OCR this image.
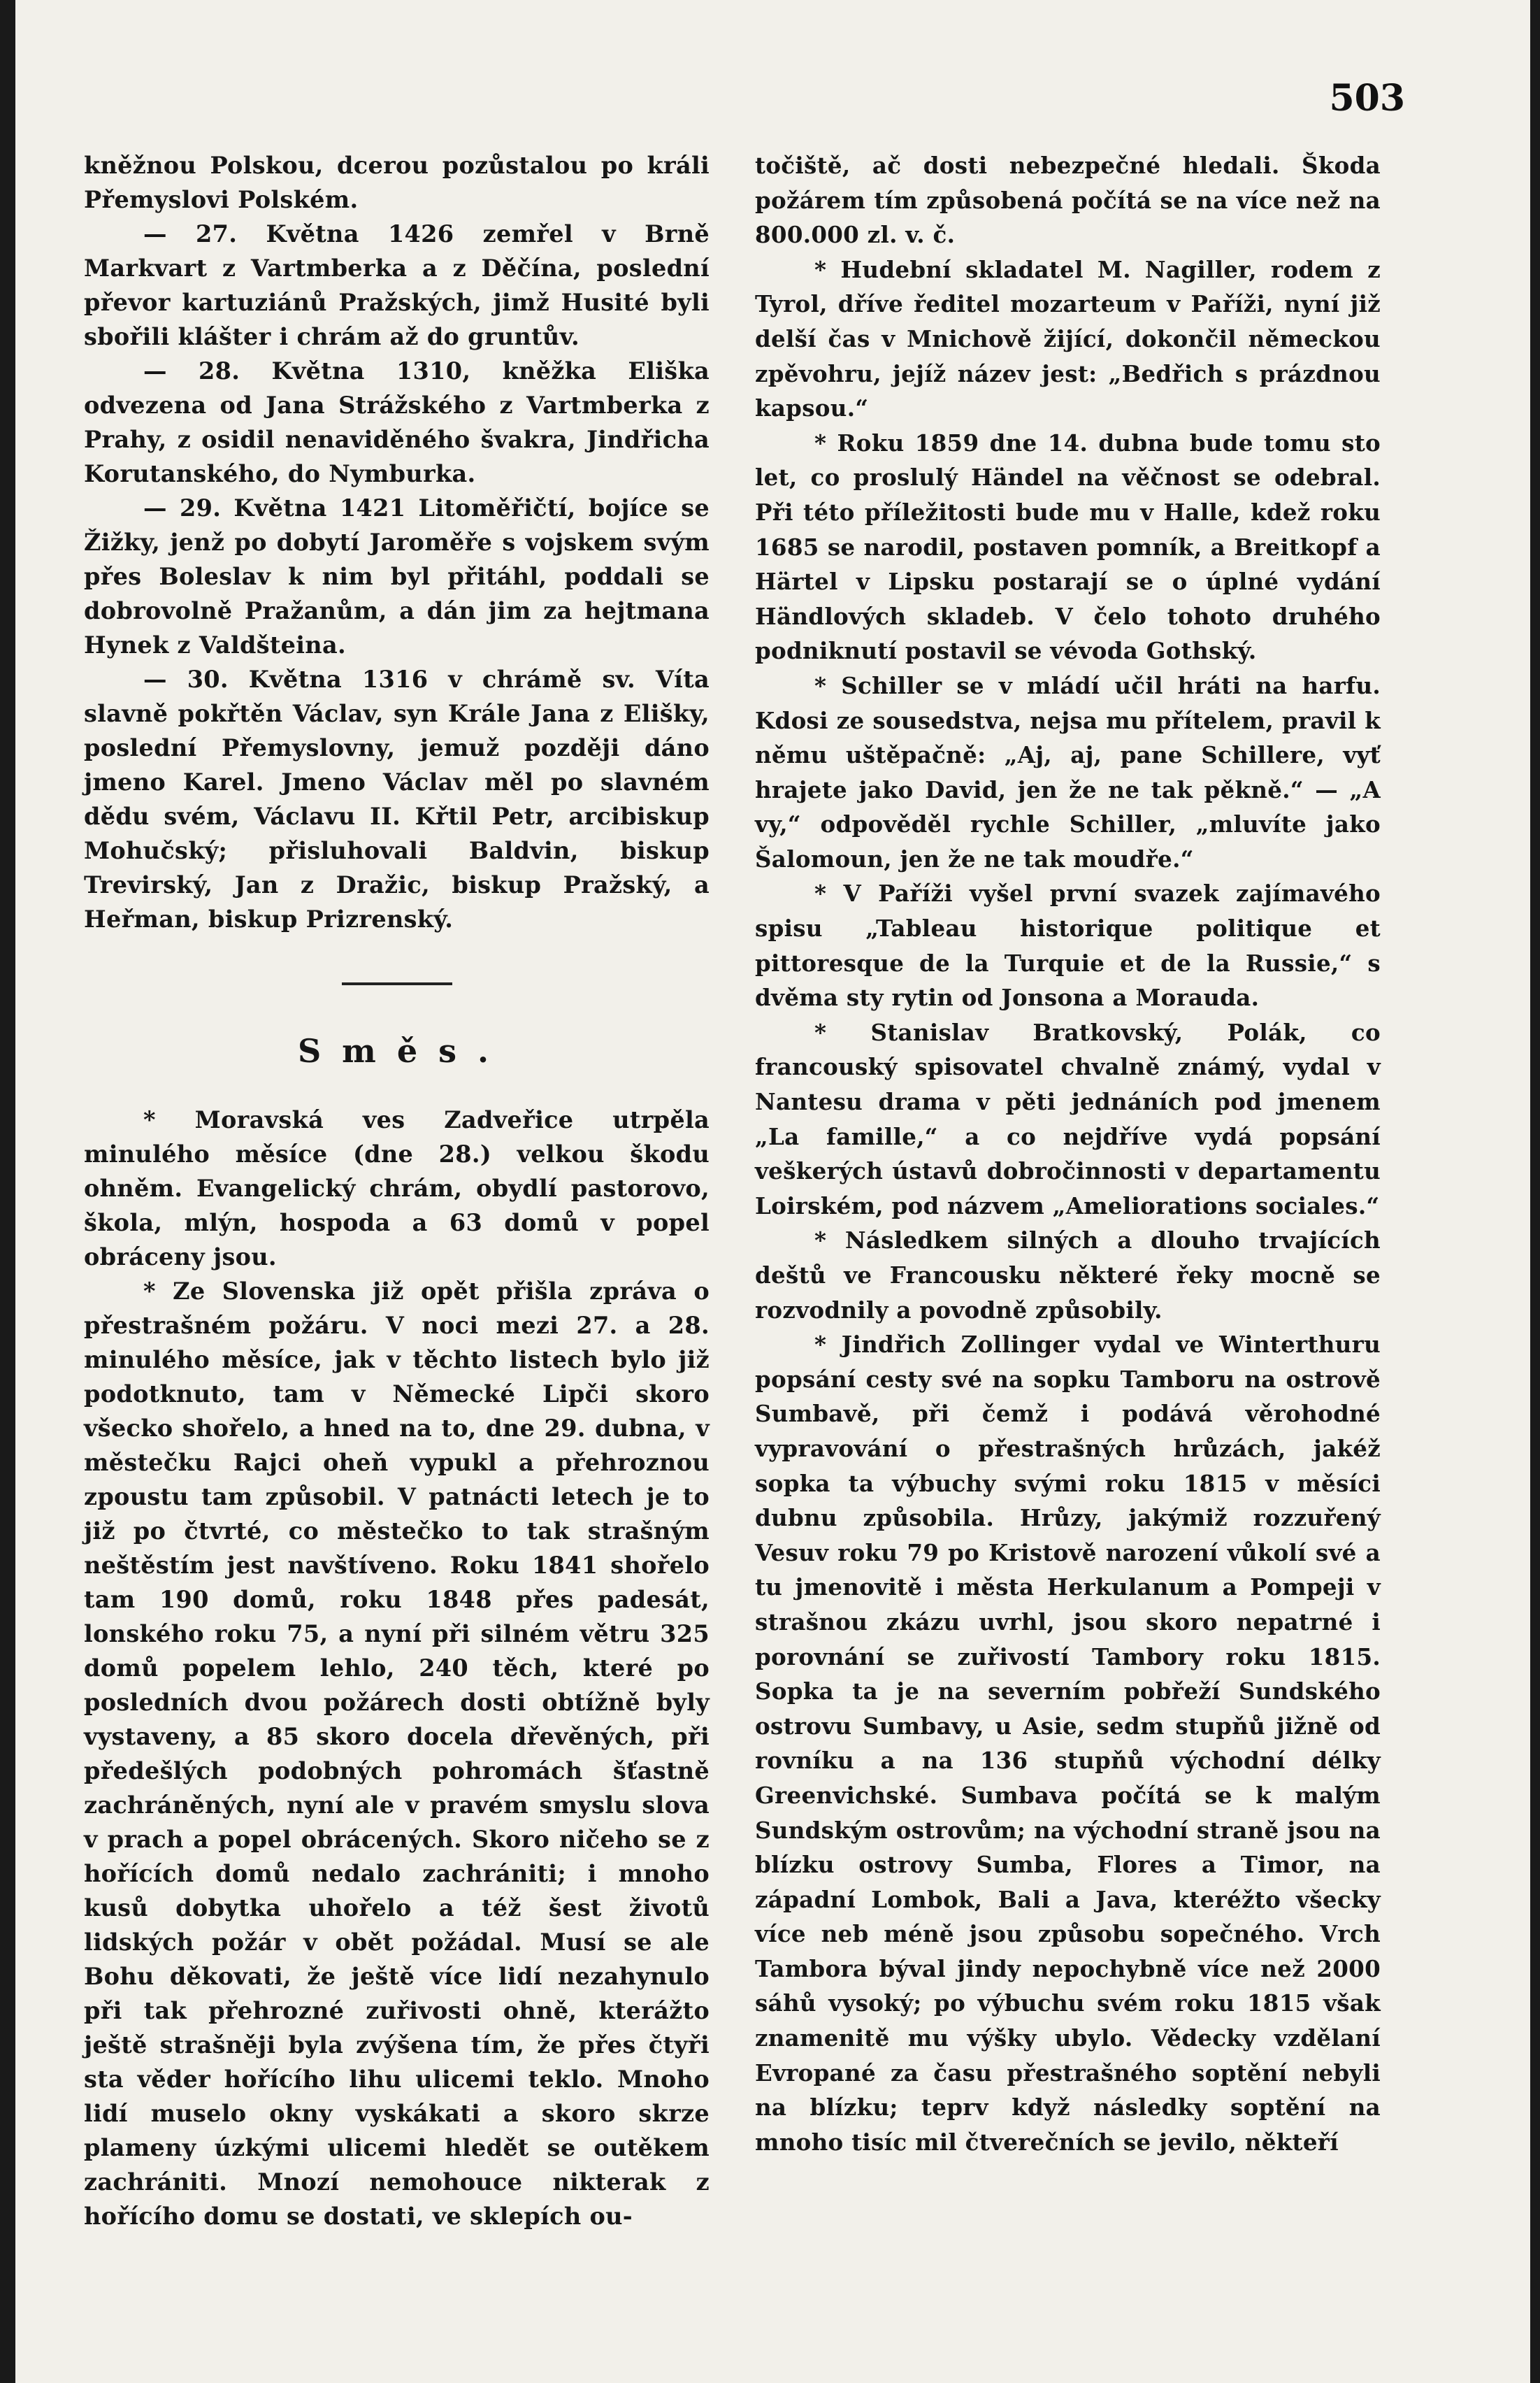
503

kněžnou Polskou, dcerou pozůstalou po králi Přemyslovi Polském.

— 27. Května 1426 zemřel v Brně Markvart z Vartmberka a z Děčína, poslední převor kartuziánů Pražských, jimž Husité byli sbořili klášter i chrám až do gruntův.

— 28. Května 1310, kněžka Eliška odvezena od Jana Strážského z Vartmberka z Prahy, z osidil nenaviděného švakra, Jindřicha Korutanského, do Nymburka.

— 29. Května 1421 Litoměřičtí, bojíce se Žižky, jenž po dobytí Jaroměře s vojskem svým přes Boleslav k nim byl přitáhl, poddali se dobrovolně Pražanům, a dán jim za hejtmana Hynek z Valdšteina.

— 30. Května 1316 v chrámě sv. Víta slavně pokřtěn Václav, syn Krále Jana z Elišky, poslední Přemyslovny, jemuž později dáno jmeno Karel. Jmeno Václav měl po slavném dědu svém, Václavu II. Křtil Petr, arcibiskup Mohučský; přisluhovali Baldvin, biskup Trevirský, Jan z Dražic, biskup Pražský, a Heřman, biskup Prizrenský.

Směs.

* Moravská ves Zadveřice utrpěla minulého měsíce (dne 28.) velkou škodu ohněm. Evangelický chrám, obydlí pastorovo, škola, mlýn, hospoda a 63 domů v popel obráceny jsou.

* Ze Slovenska již opět přišla zpráva o přestrašném požáru. V noci mezi 27. a 28. minulého měsíce, jak v těchto listech bylo již podotknuto, tam v Německé Lipči skoro všecko shořelo, a hned na to, dne 29. dubna, v městečku Rajci oheň vypukl a přehroznou zpoustu tam způsobil. V patnácti letech je to již po čtvrté, co městečko to tak strašným neštěstím jest navštíveno. Roku 1841 shořelo tam 190 domů, roku 1848 přes padesát, lonského roku 75, a nyní při silném větru 325 domů popelem lehlo, 240 těch, které po posledních dvou požárech dosti obtížně byly vystaveny, a 85 skoro docela dřevěných, při předešlých podobných pohromách šťastně zachráněných, nyní ale v pravém smyslu slova v prach a popel obrácených. Skoro ničeho se z hořících domů nedalo zachrániti; i mnoho kusů dobytka uhořelo a též šest životů lidských požár v obět požádal. Musí se ale Bohu děkovati, že ještě více lidí nezahynulo při tak přehrozné zuřivosti ohně, kterážto ještě strašněji byla zvýšena tím, že přes čtyři sta věder hořícího lihu ulicemi teklo. Mnoho lidí muselo okny vyskákati a skoro skrze plameny úzkými ulicemi hledět se outěkem zachrániti. Mnozí nemohouce nikterak z hořícího domu se dostati, ve sklepích ou-

točiště, ač dosti nebezpečné hledali. Škoda požárem tím způsobená počítá se na více než na 800.000 zl. v. č.

* Hudební skladatel M. Nagiller, rodem z Tyrol, dříve ředitel mozarteum v Paříži, nyní již delší čas v Mnichově žijící, dokončil německou zpěvohru, jejíž název jest: „Bedřich s prázdnou kapsou.“

* Roku 1859 dne 14. dubna bude tomu sto let, co proslulý Händel na věčnost se odebral. Při této příležitosti bude mu v Halle, kdež roku 1685 se narodil, postaven pomník, a Breitkopf a Härtel v Lipsku postarají se o úplné vydání Händlových skladeb. V čelo tohoto druhého podniknutí postavil se vévoda Gothský.

* Schiller se v mládí učil hráti na harfu. Kdosi ze sousedstva, nejsa mu přítelem, pravil k němu uštěpačně: „Aj, aj, pane Schillere, vyť hrajete jako David, jen že ne tak pěkně.“ — „A vy,“ odpověděl rychle Schiller, „mluvíte jako Šalomoun, jen že ne tak moudře.“

* V Paříži vyšel první svazek zajímavého spisu „Tableau historique politique et pittoresque de la Turquie et de la Russie,“ s dvěma sty rytin od Jonsona a Morauda.

* Stanislav Bratkovský, Polák, co francouský spisovatel chvalně známý, vydal v Nantesu drama v pěti jednáních pod jmenem „La famille,“ a co nejdříve vydá popsání veškerých ústavů dobročinnosti v departamentu Loirském, pod názvem „Ameliorations sociales.“

* Následkem silných a dlouho trvajících deštů ve Francousku některé řeky mocně se rozvodnily a povodně způsobily.

* Jindřich Zollinger vydal ve Winterthuru popsání cesty své na sopku Tamboru na ostrově Sumbavě, při čemž i podává věrohodné vypravování o přestrašných hrůzách, jakéž sopka ta výbuchy svými roku 1815 v měsíci dubnu způsobila. Hrůzy, jakýmiž rozzuřený Vesuv roku 79 po Kristově narození vůkolí své a tu jmenovitě i města Herkulanum a Pompeji v strašnou zkázu uvrhl, jsou skoro nepatrné i porovnání se zuřivostí Tambory roku 1815. Sopka ta je na severním pobřeží Sundského ostrovu Sumbavy, u Asie, sedm stupňů jižně od rovníku a na 136 stupňů východní délky Greenvichské. Sumbava počítá se k malým Sundským ostrovům; na východní straně jsou na blízku ostrovy Sumba, Flores a Timor, na západní Lombok, Bali a Java, kteréžto všecky více neb méně jsou způsobu sopečného. Vrch Tambora býval jindy nepochybně více než 2000 sáhů vysoký; po výbuchu svém roku 1815 však znamenitě mu výšky ubylo. Vědecky vzdělaní Evropané za času přestrašného soptění nebyli na blízku; teprv když následky soptění na mnoho tisíc mil čtverečních se jevilo, někteří
